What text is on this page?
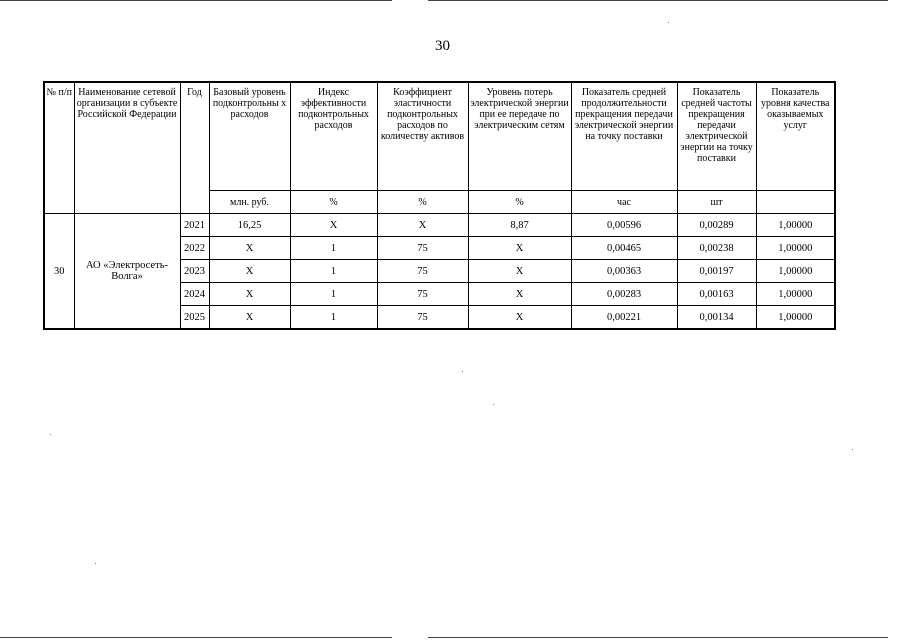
30
№ п/п	Наименование сетевой организации в субъекте Российской Федерации	Год	Базовый уровень подконтрольны х расходов	Индекс эффективности подконтрольных расходов	Коэффициент эластичности подконтрольных расходов по количеству активов	Уровень потерь электрической энергии при ее передаче по электрическим сетям	Показатель средней продолжительности прекращения передачи электрической энергии на точку поставки	Показатель средней частоты прекращения передачи электрической энергии на точку поставки	Показатель уровня качества оказываемых услуг
			млн. руб.	%	%	%	час	шт	
30	АО «Электросеть-Волга»	2021	16,25	X	X	8,87	0,00596	0,00289	1,00000
		2022	X	1	75	X	0,00465	0,00238	1,00000
		2023	X	1	75	X	0,00363	0,00197	1,00000
		2024	X	1	75	X	0,00283	0,00163	1,00000
		2025	X	1	75	X	0,00221	0,00134	1,00000
